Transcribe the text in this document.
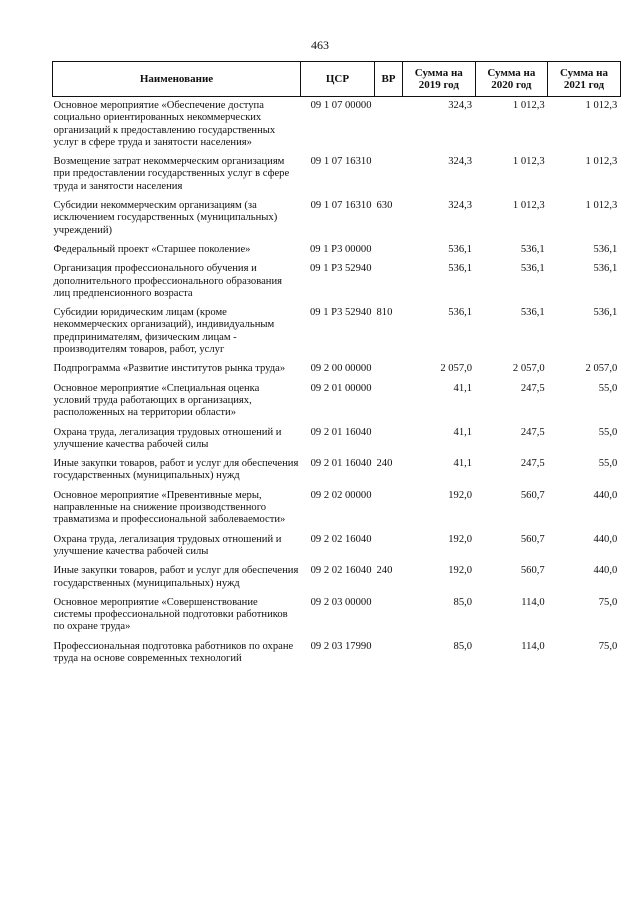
463
Наименование	ЦСР	ВР	Сумма на 2019 год	Сумма на 2020 год	Сумма на 2021 год
Основное мероприятие «Обеспечение доступа социально ориентированных некоммерческих организаций к предоставлению государственных услуг в сфере труда и занятости населения»	09 1 07 00000		324,3	1 012,3	1 012,3
Возмещение затрат некоммерческим организациям при предоставлении государственных услуг в сфере труда и занятости населения	09 1 07 16310		324,3	1 012,3	1 012,3
Субсидии некоммерческим организациям (за исключением государственных (муниципальных) учреждений)	09 1 07 16310	630	324,3	1 012,3	1 012,3
Федеральный проект «Старшее поколение»	09 1 P3 00000		536,1	536,1	536,1
Организация профессионального обучения и дополнительного профессионального образования лиц предпенсионного возраста	09 1 P3 52940		536,1	536,1	536,1
Субсидии юридическим лицам (кроме некоммерческих организаций), индивидуальным предпринимателям, физическим лицам - производителям товаров, работ, услуг	09 1 P3 52940	810	536,1	536,1	536,1
Подпрограмма «Развитие институтов рынка труда»	09 2 00 00000		2 057,0	2 057,0	2 057,0
Основное мероприятие «Специальная оценка условий труда работающих в организациях, расположенных на территории области»	09 2 01 00000		41,1	247,5	55,0
Охрана труда, легализация трудовых отношений и улучшение качества рабочей силы	09 2 01 16040		41,1	247,5	55,0
Иные закупки товаров, работ и услуг для обеспечения государственных (муниципальных) нужд	09 2 01 16040	240	41,1	247,5	55,0
Основное мероприятие «Превентивные меры, направленные на снижение производственного травматизма и профессиональной заболеваемости»	09 2 02 00000		192,0	560,7	440,0
Охрана труда, легализация трудовых отношений и улучшение качества рабочей силы	09 2 02 16040		192,0	560,7	440,0
Иные закупки товаров, работ и услуг для обеспечения государственных (муниципальных) нужд	09 2 02 16040	240	192,0	560,7	440,0
Основное мероприятие «Совершенствование системы профессиональной подготовки работников по охране труда»	09 2 03 00000		85,0	114,0	75,0
Профессиональная подготовка работников по охране труда на основе современных технологий	09 2 03 17990		85,0	114,0	75,0
